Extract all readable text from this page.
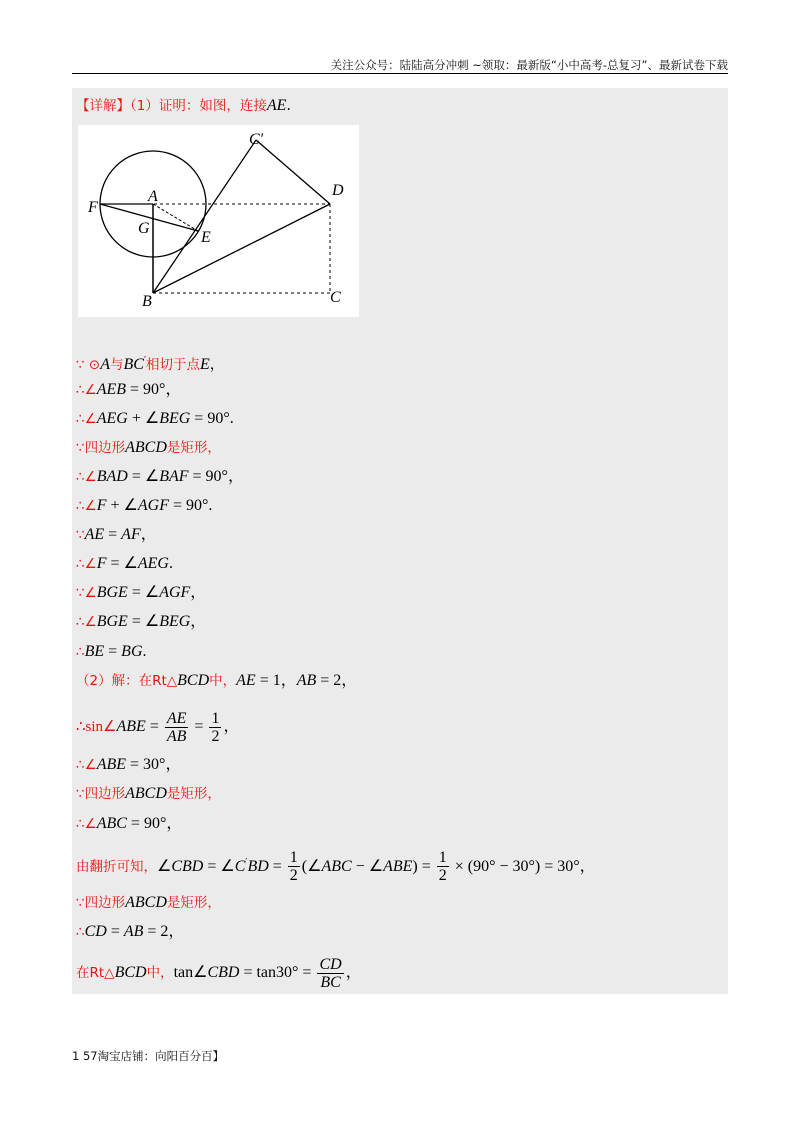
关注公众号：陆陆高分冲刺 ~领取：最新版“小中高考-总复习”、最新试卷下载
【详解】（1）证明：如图，连接AE.
C′
D
F
A
G
E
B	C
∵ ⊙A与BC′相切于点E，
∴∠AEB = 90°，
∴∠AEG + ∠BEG = 90°.
∵四边形ABCD是矩形，
∴∠BAD = ∠BAF = 90°，
∴∠F + ∠AGF = 90°.
∵AE = AF，
∴∠F = ∠AEG.
∵∠BGE = ∠AGF，
∴∠BGE = ∠BEG，
∴BE = BG.
（2）解：在Rt△BCD中，AE = 1，AB = 2，
∴sin∠ABE = $\frac{AE}{AB} = \frac{1}{2}$ ，
∴∠ABE = 30°，
∵四边形ABCD是矩形，
∴∠ABC = 90°，
由翻折可知，∠CBD = ∠C′BD = $\frac{1}{2}$ (∠ABC − ∠ABE) = $\frac{1}{2} \times (90^\circ - 30^\circ) = 30^\circ$，
∵四边形ABCD是矩形，
∴CD = AB = 2，
在Rt△BCD中，tan∠CBD = $\tan 30^\circ = \frac{CD}{BC}$ ，
1 57淘宝店铺：向阳百分百】
